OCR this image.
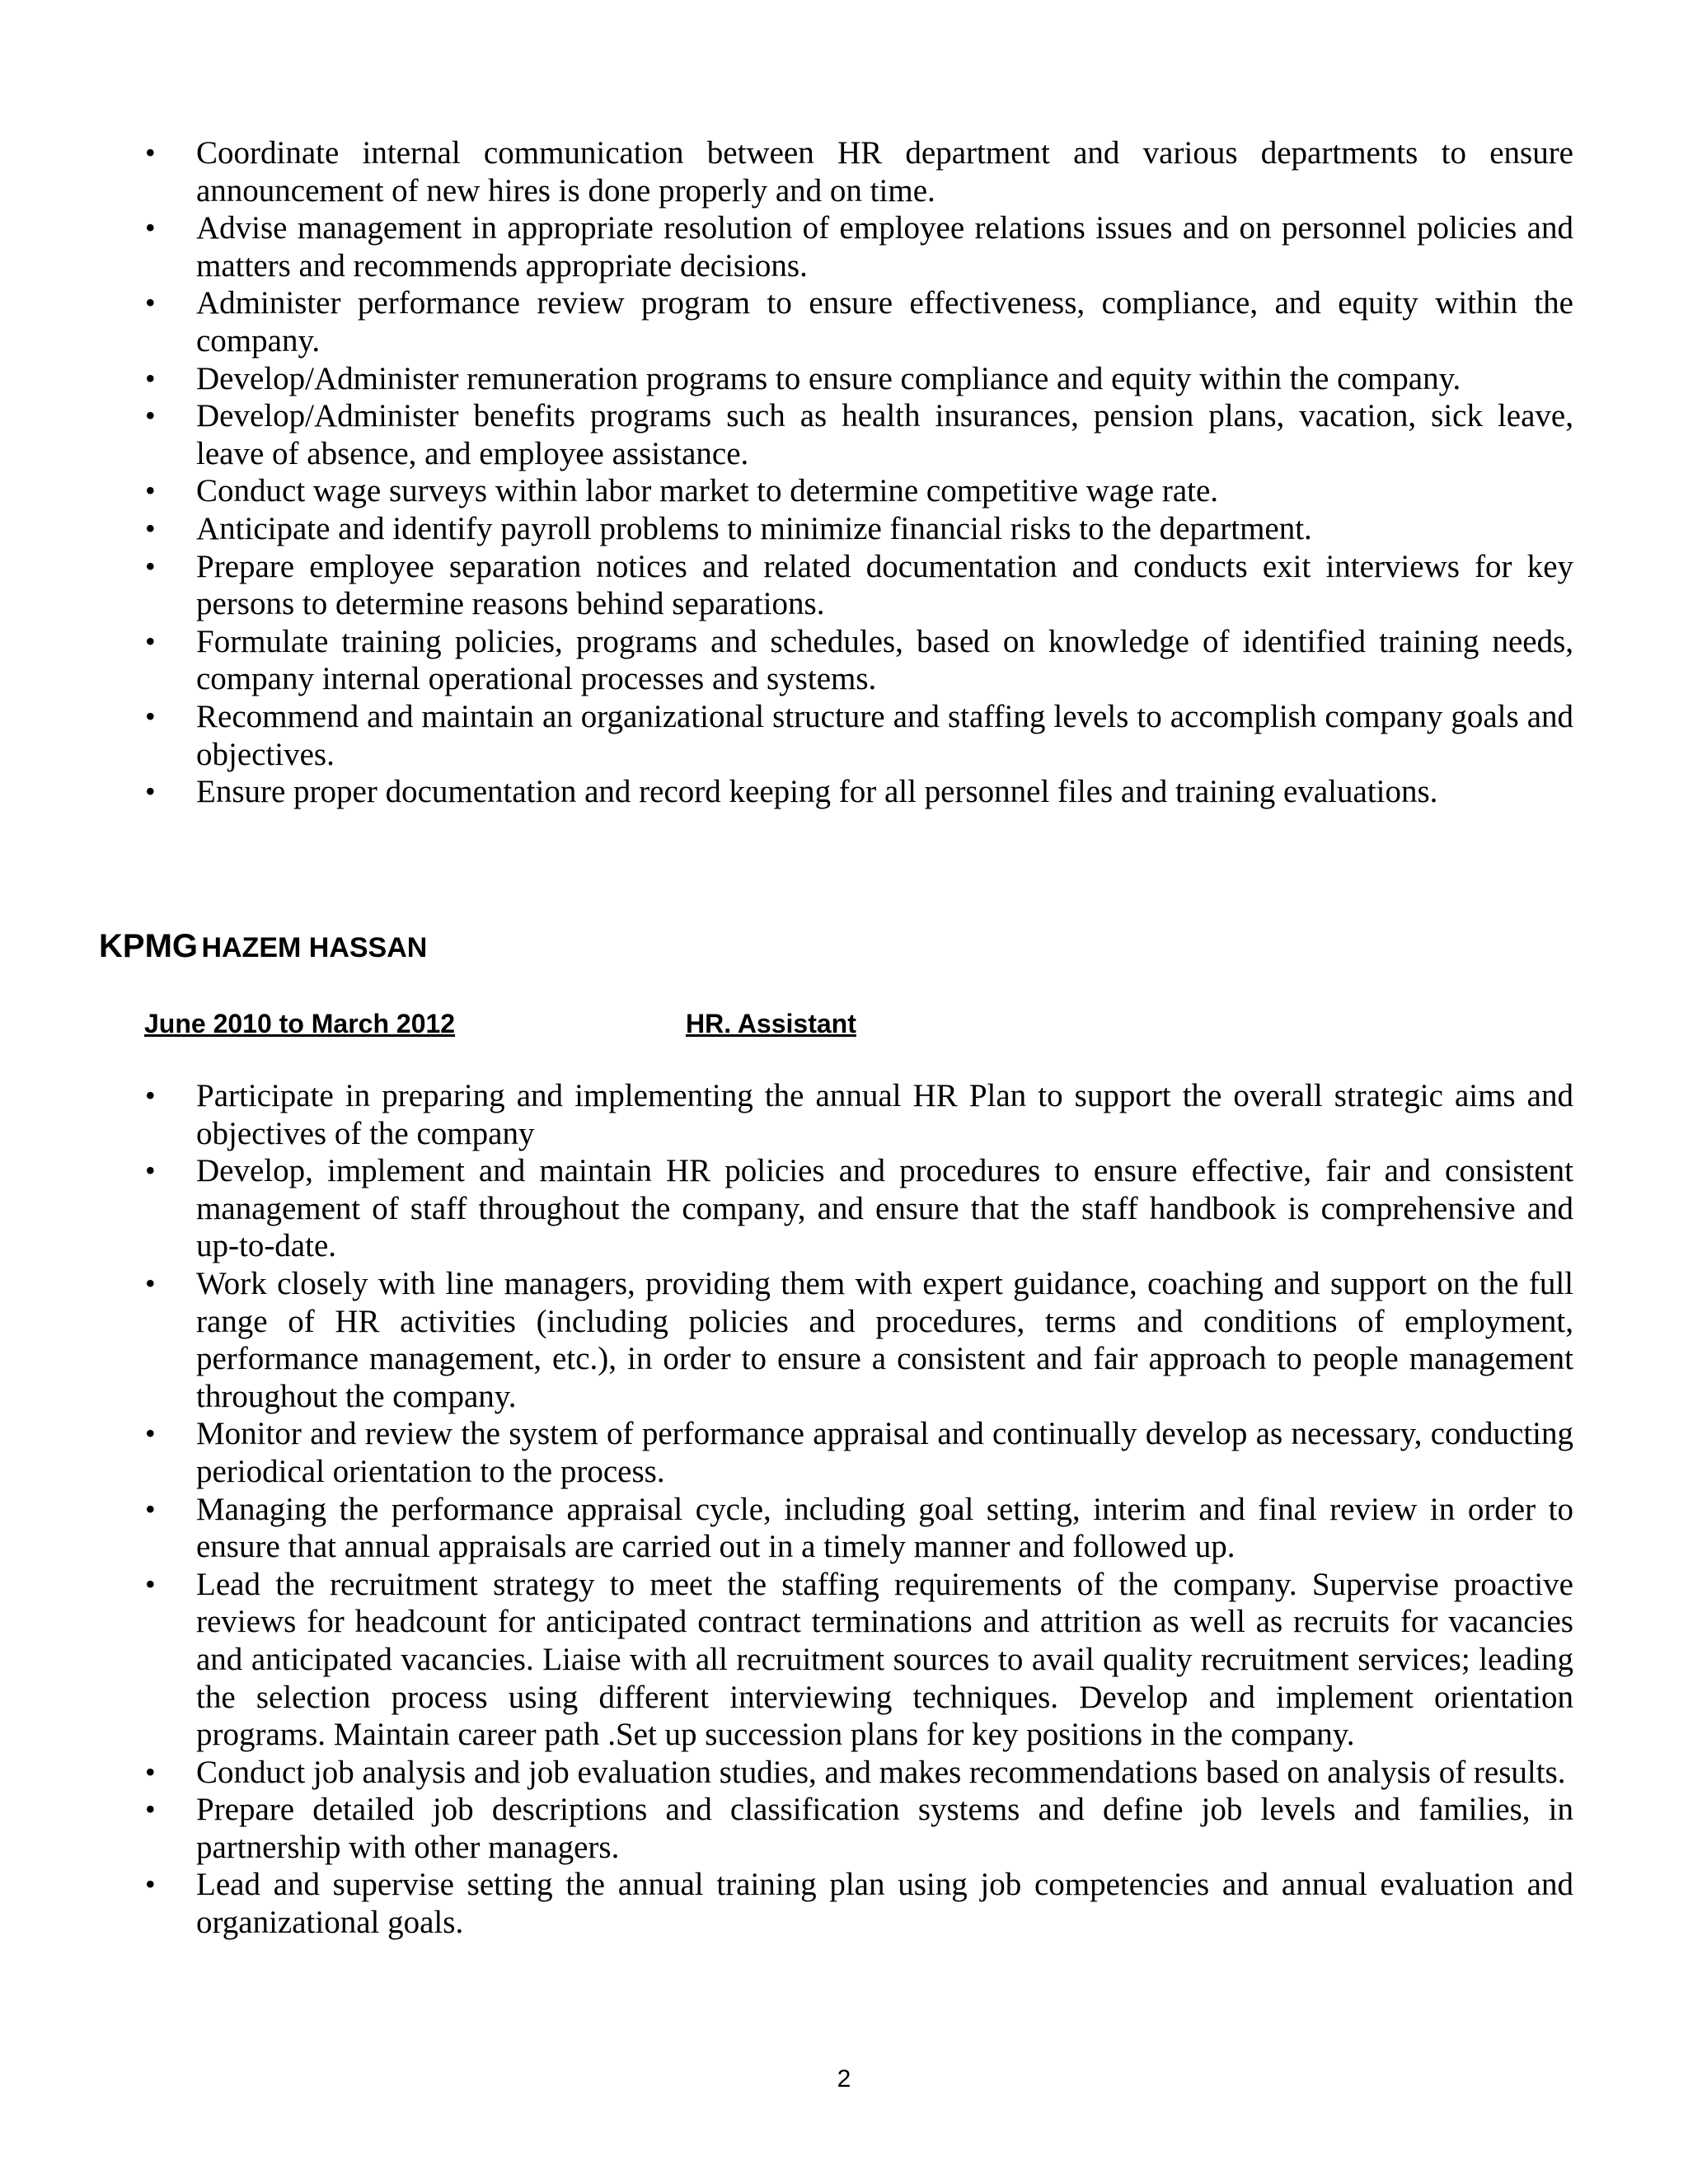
• Coordinate internal communication between HR department and various departments to ensure announcement of new hires is done properly and on time.
• Advise management in appropriate resolution of employee relations issues and on personnel policies and matters and recommends appropriate decisions.
• Administer performance review program to ensure effectiveness, compliance, and equity within the company.
• Develop/Administer remuneration programs to ensure compliance and equity within the company.
• Develop/Administer benefits programs such as health insurances, pension plans, vacation, sick leave, leave of absence, and employee assistance.
• Conduct wage surveys within labor market to determine competitive wage rate.
• Anticipate and identify payroll problems to minimize financial risks to the department.
• Prepare employee separation notices and related documentation and conducts exit interviews for key persons to determine reasons behind separations.
• Formulate training policies, programs and schedules, based on knowledge of identified training needs, company internal operational processes and systems.
• Recommend and maintain an organizational structure and staffing levels to accomplish company goals and objectives.
• Ensure proper documentation and record keeping for all personnel files and training evaluations.
KPMG HAZEM HASSAN
June 2010 to March 2012	HR. Assistant
• Participate in preparing and implementing the annual HR Plan to support the overall strategic aims and objectives of the company
• Develop, implement and maintain HR policies and procedures to ensure effective, fair and consistent management of staff throughout the company, and ensure that the staff handbook is comprehensive and up-to-date.
• Work closely with line managers, providing them with expert guidance, coaching and support on the full range of HR activities (including policies and procedures, terms and conditions of employment, performance management, etc.), in order to ensure a consistent and fair approach to people management throughout the company.
• Monitor and review the system of performance appraisal and continually develop as necessary, conducting periodical orientation to the process.
• Managing the performance appraisal cycle, including goal setting, interim and final review in order to ensure that annual appraisals are carried out in a timely manner and followed up.
• Lead the recruitment strategy to meet the staffing requirements of the company. Supervise proactive reviews for headcount for anticipated contract terminations and attrition as well as recruits for vacancies and anticipated vacancies. Liaise with all recruitment sources to avail quality recruitment services; leading the selection process using different interviewing techniques. Develop and implement orientation programs. Maintain career path .Set up succession plans for key positions in the company.
• Conduct job analysis and job evaluation studies, and makes recommendations based on analysis of results.
• Prepare detailed job descriptions and classification systems and define job levels and families, in partnership with other managers.
• Lead and supervise setting the annual training plan using job competencies and annual evaluation and organizational goals.
2
